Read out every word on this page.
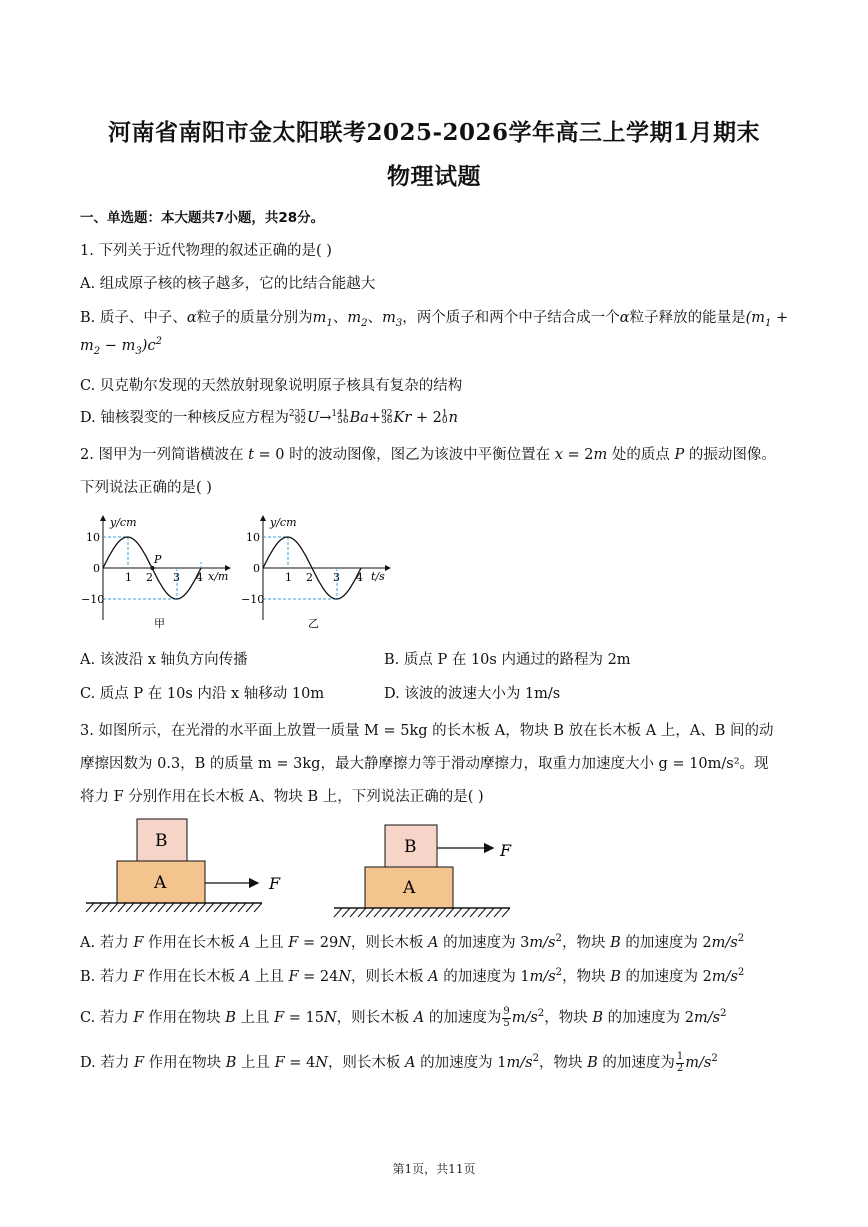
河南省南阳市金太阳联考2025-2026学年高三上学期1月期末
物理试题
一、单选题：本大题共7小题，共28分。
1. 下列关于近代物理的叙述正确的是( )
A. 组成原子核的核子越多，它的比结合能越大
B. 质子、中子、α粒子的质量分别为$m_1$、$m_2$、$m_3$，两个质子和两个中子结合成一个α粒子释放的能量是($m_1$ +
$m_2 - m_3)c^2$
C. 贝克勒尔发现的天然放射现象说明原子核具有复杂的结构
D. 铀核裂变的一种核反应方程为235
92U→141
56Ba+92
36Kr + 21
0n
2. 图甲为一列简谐横波在 t = 0 时的波动图像，图乙为该波中平衡位置在 x = 2m 处的质点 P 的振动图像。
下列说法正确的是( )
y/cm
10
0
−10
1 2 3 4
P
x/m
甲
y/cm
10
0
−10
1 2 3 4 t/s
乙
A. 该波沿 x 轴负方向传播	B. 质点 P 在 10s 内通过的路程为 2m
C. 质点 P 在 10s 内沿 x 轴移动 10m	D. 该波的波速大小为 1m/s
3. 如图所示，在光滑的水平面上放置一质量 M = 5kg 的长木板 A，物块 B 放在长木板 A 上，A、B 间的动
摩擦因数为 0.3，B 的质量 m = 3kg，最大静摩擦力等于滑动摩擦力，取重力加速度大小 g = 10m/s²。现
将力 F 分别作用在长木板 A、物块 B 上，下列说法正确的是( )
B
A	F
B
A
F
A. 若力 F 作用在长木板 A 上且 F = 29N，则长木板 A 的加速度为 $3m/s^2$，物块 B 的加速度为 $2m/s^2$
B. 若力 F 作用在长木板 A 上且 F = 24N，则长木板 A 的加速度为 $1m/s^2$，物块 B 的加速度为 $2m/s^2$
C. 若力 F 作用在物块 B 上且 F = 15N，则长木板 A 的加速度为 $\frac{9}{5} m/s^2$，物块 B 的加速度为 $2m/s^2$
D. 若力 F 作用在物块 B 上且 F = 4N，则长木板 A 的加速度为 $1m/s^2$，物块 B 的加速度为 $\frac{1}{2} m/s^2$
第1页，共11页
